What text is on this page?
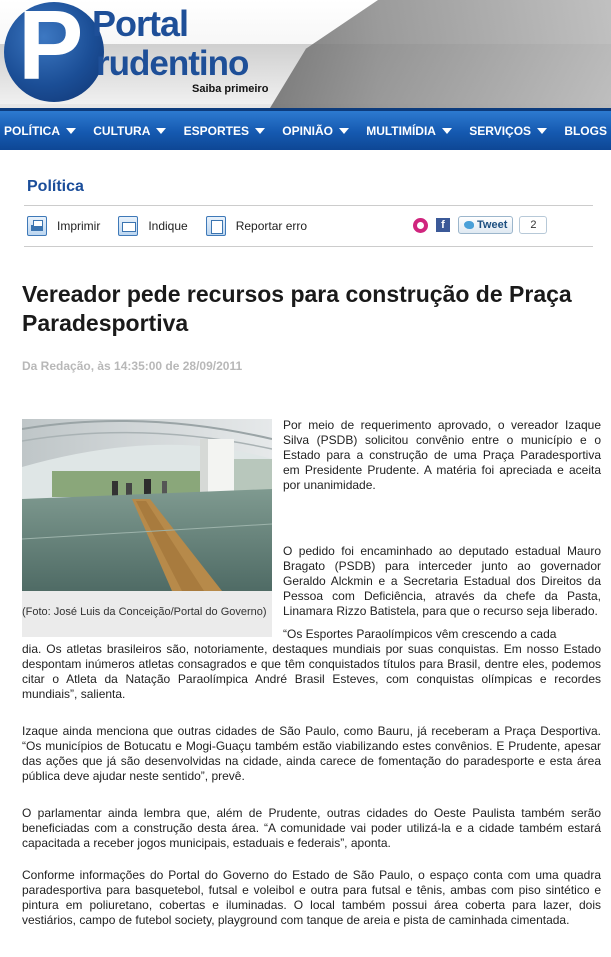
P Portal
rudentino
Saiba primeiro
POLÍTICA	CULTURA	ESPORTES	OPINIÃO	MULTIMÍDIA	SERVIÇOS	BLOGS
Política
Imprimir	Indique	Reportar erro	f	Tweet	2
Vereador pede recursos para construção de Praça Paradesportiva
Da Redação, às 14:35:00 de 28/09/2011
(Foto: José Luis da Conceição/Portal do Governo)

Por meio de requerimento aprovado, o vereador Izaque Silva (PSDB) solicitou convênio entre o município e o Estado para a construção de uma Praça Paradesportiva em Presidente Prudente. A matéria foi apreciada e aceita por unanimidade.

O pedido foi encaminhado ao deputado estadual Mauro Bragato (PSDB) para interceder junto ao governador Geraldo Alckmin e a Secretaria Estadual dos Direitos da Pessoa com Deficiência, através da chefe da Pasta, Linamara Rizzo Batistela, para que o recurso seja liberado.

“Os Esportes Paraolímpicos vêm crescendo a cada

dia. Os atletas brasileiros são, notoriamente, destaques mundiais por suas conquistas. Em nosso Estado despontam inúmeros atletas consagrados e que têm conquistados títulos para Brasil, dentre eles, podemos citar o Atleta da Natação Paraolímpica André Brasil Esteves, com conquistas olímpicas e recordes mundiais”, salienta.

Izaque ainda menciona que outras cidades de São Paulo, como Bauru, já receberam a Praça Desportiva. “Os municípios de Botucatu e Mogi-Guaçu também estão viabilizando estes convênios. E Prudente, apesar das ações que já são desenvolvidas na cidade, ainda carece de fomentação do paradesporte e esta área pública deve ajudar neste sentido”, prevê.

O parlamentar ainda lembra que, além de Prudente, outras cidades do Oeste Paulista também serão beneficiadas com a construção desta área. “A comunidade vai poder utilizá-la e a cidade também estará capacitada a receber jogos municipais, estaduais e federais”, aponta.

Conforme informações do Portal do Governo do Estado de São Paulo, o espaço conta com uma quadra paradesportiva para basquetebol, futsal e voleibol e outra para futsal e tênis, ambas com piso sintético e pintura em poliuretano, cobertas e iluminadas. O local também possui área coberta para lazer, dois vestiários, campo de futebol society, playground com tanque de areia e pista de caminhada cimentada.
